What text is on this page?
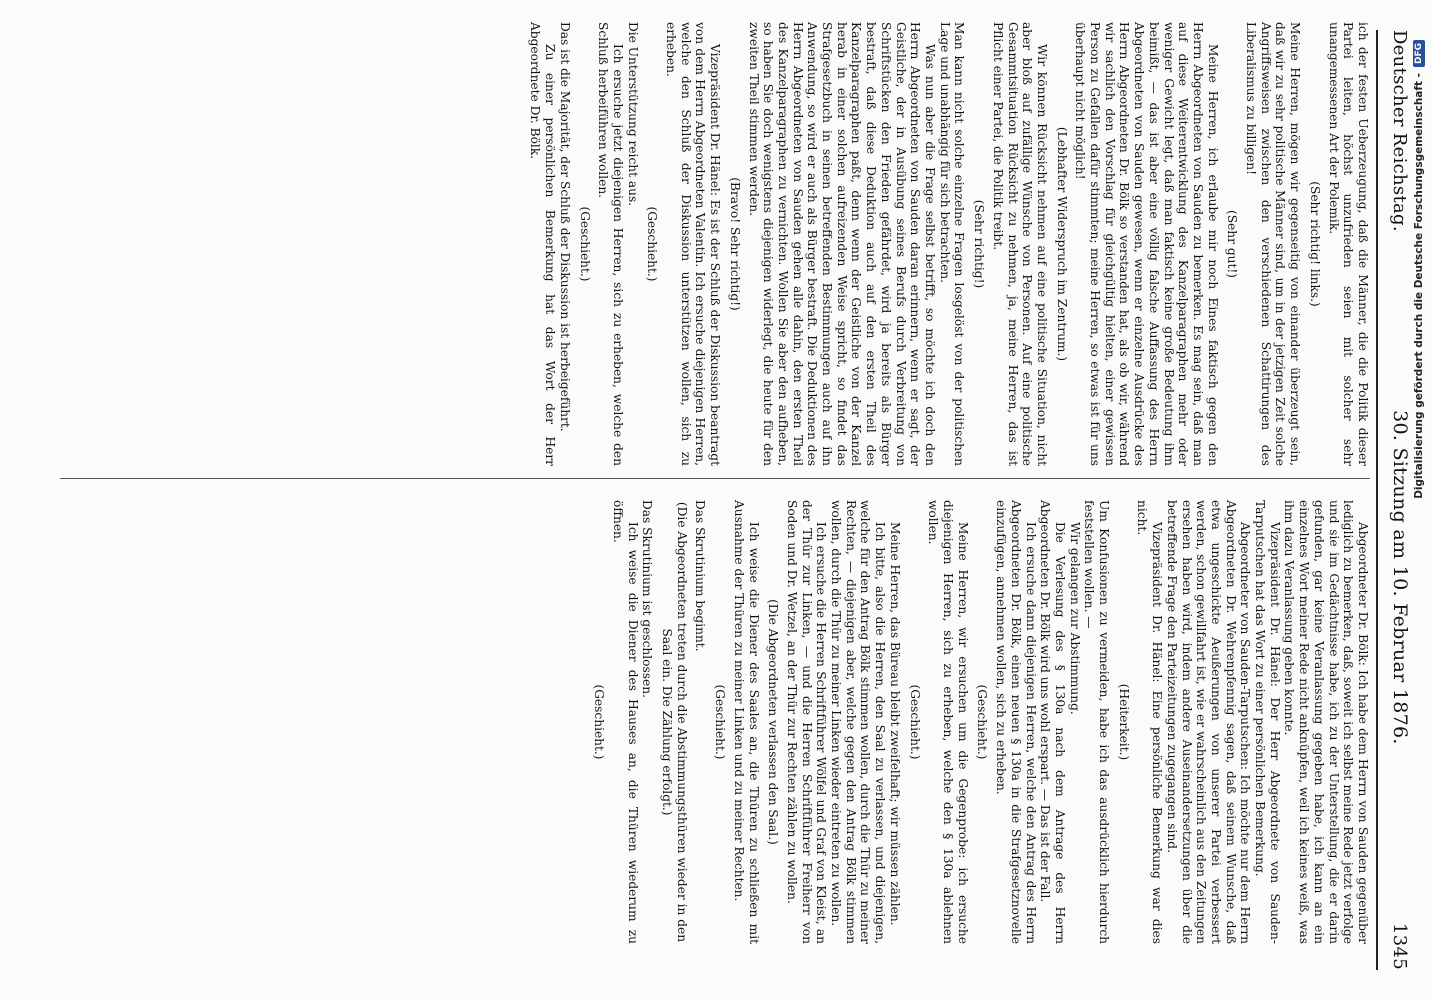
Deutscher Reichstag.
30. Sitzung am 10. Februar 1876.
1345

ich der festen Ueberzeugung, daß die Männer, die die Politik dieser Partei leiten, höchst unzufrieden seien mit solcher sehr unangemessenen Art der Polemik.

(Sehr richtig! links.)

Meine Herren, mögen wir gegenseitig von einander überzeugt sein, daß wir zu sehr politische Männer sind, um in der jetzigen Zeit solche Angriffsweisen zwischen den verschiedenen Schattirungen des Liberalismus zu billigen!

(Sehr gut!)

Meine Herren, ich erlaube mir noch Eines faktisch gegen den Herrn Abgeordneten von Sauden zu bemerken. Es mag sein, daß man auf diese Weiterentwicklung des Kanzelparagraphen mehr oder weniger Gewicht legt, daß man faktisch keine große Bedeutung ihm beimißt, — das ist aber eine völlig falsche Auffassung des Herrn Abgeordneten von Sauden gewesen, wenn er einzelne Ausdrücke des Herrn Abgeordneten Dr. Bölk so verstanden hat, als ob wir, während wir sachlich den Vorschlag für gleichgültig hielten, einer gewissen Person zu Gefallen dafür stimmten; meine Herren, so etwas ist für uns überhaupt nicht möglich!

(Lebhafter Widerspruch im Zentrum.)

Wir können Rücksicht nehmen auf eine politische Situation, nicht aber bloß auf zufällige Wünsche von Personen. Auf eine politische Gesammtsituation Rücksicht zu nehmen, ja, meine Herren, das ist Pflicht einer Partei, die Politik treibt.

(Sehr richtig!)

Man kann nicht solche einzelne Fragen losgelöst von der politischen Lage und unabhängig für sich betrachten.

Was nun aber die Frage selbst betrifft, so möchte ich doch den Herrn Abgeordneten von Sauden daran erinnern, wenn er sagt, der Geistliche, der in Ausübung seines Berufs durch Verbreitung von Schriftstücken den Frieden gefährdet, wird ja bereits als Bürger bestraft, daß diese Deduktion auch auf den ersten Theil des Kanzelparagraphen paßt, denn wenn der Geistliche von der Kanzel herab in einer solchen aufreizenden Weise spricht, so findet das Strafgesetzbuch in seinen betreffenden Bestimmungen auch auf ihn Anwendung, so wird er auch als Bürger bestraft. Die Deduktionen des Herrn Abgeordneten von Sauden gehen alle dahin, den ersten Theil des Kanzelparagraphen zu vernichten. Wollen Sie aber den aufheben, so haben Sie doch wenigstens diejenigen widerlegt, die heute für den zweiten Theil stimmen werden.

(Bravo! Sehr richtig!)

Vizepräsident Dr. Hänel: Es ist der Schluß der Diskussion beantragt von dem Herrn Abgeordneten Valentin. Ich ersuche diejenigen Herren, welche den Schluß der Diskussion unterstützen wollen, sich zu erheben.

(Geschieht.)

Die Unterstützung reicht aus.

Ich ersuche jetzt diejenigen Herren, sich zu erheben, welche den Schluß herbeiführen wollen.

(Geschieht.)

Das ist die Majorität, der Schluß der Diskussion ist herbeigeführt.

Zu einer persönlichen Bemerkung hat das Wort der Herr Abgeordnete Dr. Bölk.

Abgeordneter Dr. Bölk: Ich habe dem Herrn von Sauden gegenüber lediglich zu bemerken, daß, soweit ich selbst meine Rede jetzt verfolge und sie im Gedächtnisse habe, ich zu der Unterstellung, die er darin gefunden, gar keine Veranlassung gegeben habe, ich kann an ein einzelnes Wort meiner Rede nicht anknüpfen, weil ich keines weiß, was ihm dazu Veranlassung geben konnte.

Vizepräsident Dr. Hänel: Der Herr Abgeordnete von Sauden-Tarputschen hat das Wort zu einer persönlichen Bemerkung.

Abgeordneter von Sauden-Tarputschen: Ich möchte nur dem Herrn Abgeordneten Dr. Wehrenpfennig sagen, daß seinem Wunsche, daß etwa ungeschickte Aeußerungen von unserer Partei verbessert werden, schon gewillfahrt ist, wie er wahrscheinlich aus den Zeitungen ersehen haben wird, indem andere Auseinandersetzungen über die betreffende Frage den Parteizeitungen zugegangen sind.

Vizepräsident Dr. Hänel: Eine persönliche Bemerkung war dies nicht.

(Heiterkeit.)

Um Konfusionen zu vermeiden, habe ich das ausdrücklich hierdurch feststellen wollen. —

Wir gelangen zur Abstimmung.

Die Verlesung des § 130a nach dem Antrage des Herrn Abgeordneten Dr. Bölk wird uns wohl erspart. — Das ist der Fall.

Ich ersuche dann diejenigen Herren, welche den Antrag des Herrn Abgeordneten Dr. Bölk, einen neuen § 130a in die Strafgesetznovelle einzufügen, annehmen wollen, sich zu erheben.

(Geschieht.)

Meine Herren, wir ersuchen um die Gegenprobe: ich ersuche diejenigen Herren, sich zu erheben, welche den § 130a ablehnen wollen.

(Geschieht.)

Meine Herren, das Büreau bleibt zweifelhaft; wir müssen zählen.

Ich bitte, also die Herren, den Saal zu verlassen, und diejenigen, welche für den Antrag Bölk stimmen wollen, durch die Thür zu meiner Rechten, — diejenigen aber, welche gegen den Antrag Bölk stimmen wollen, durch die Thür zu meiner Linken wieder eintreten zu wollen.

Ich ersuche die Herren Schriftführer Wölfel und Graf von Kleist, an der Thür zur Linken, — und die Herren Schriftführer Freiherr von Soden und Dr. Wetzel, an der Thür zur Rechten zählen zu wollen.

(Die Abgeordneten verlassen den Saal.)

Ich weise die Diener des Saales an, die Thüren zu schließen mit Ausnahme der Thüren zu meiner Linken und zu meiner Rechten.

(Geschieht.)

Das Skrutinium beginnt.

(Die Abgeordneten treten durch die Abstimmungsthüren wieder in den Saal ein. Die Zählung erfolgt.)

Das Skrutinium ist geschlossen.

Ich weise die Diener des Hauses an, die Thüren wiederum zu öffnen.

(Geschieht.)

Digitalisierung gefördert durch die Deutsche Forschungsgemeinschaft -
DFG
